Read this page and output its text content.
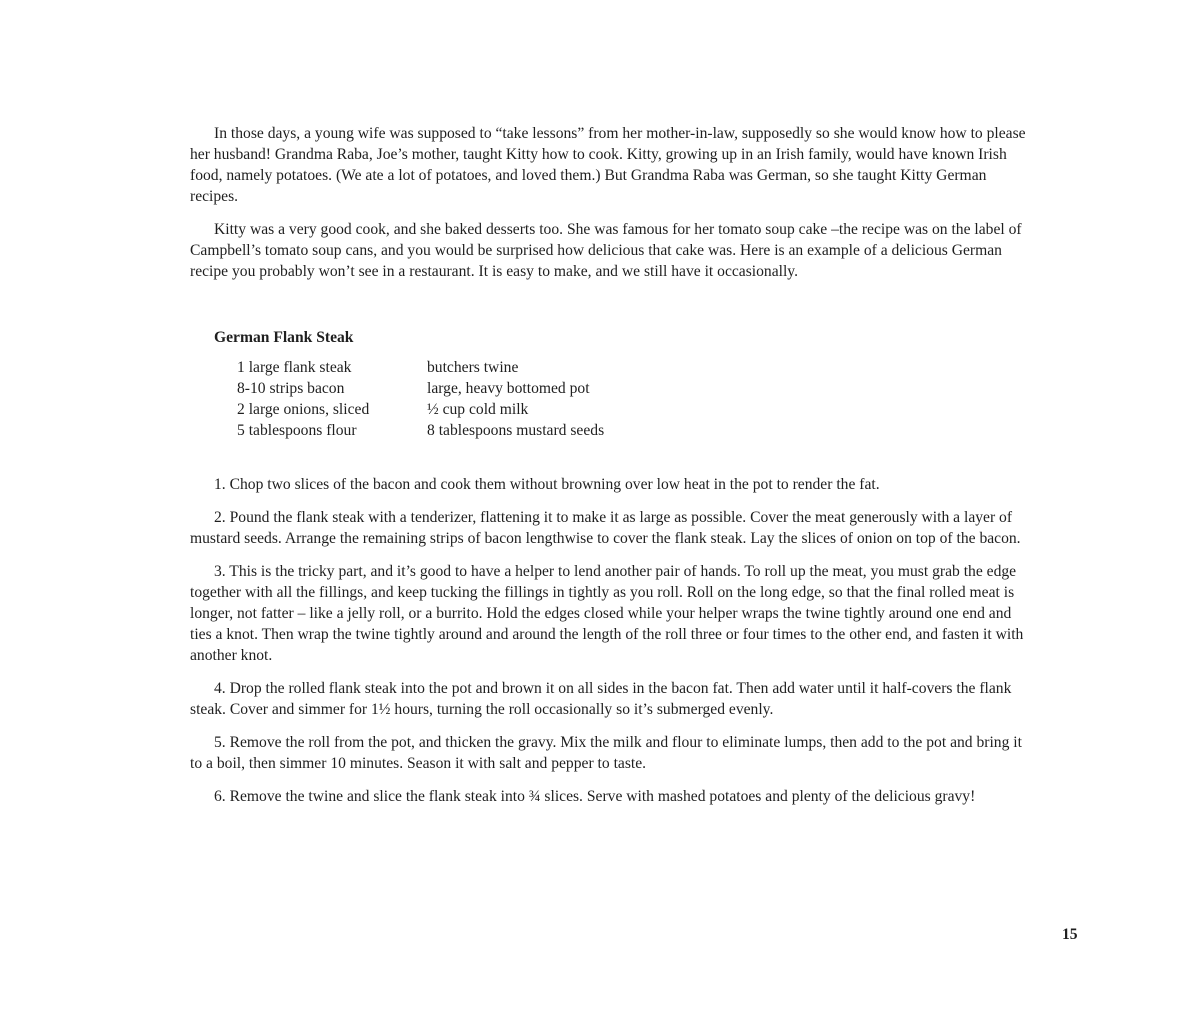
In those days, a young wife was supposed to “take lessons” from her mother-in-law, supposedly so she would know how to please her husband! Grandma Raba, Joe’s mother, taught Kitty how to cook. Kitty, growing up in an Irish family, would have known Irish food, namely potatoes. (We ate a lot of potatoes, and loved them.) But Grandma Raba was German, so she taught Kitty German recipes.

Kitty was a very good cook, and she baked desserts too. She was famous for her tomato soup cake –the recipe was on the label of Campbell’s tomato soup cans, and you would be surprised how delicious that cake was. Here is an example of a delicious German recipe you probably won’t see in a restaurant. It is easy to make, and we still have it occasionally.

German Flank Steak
1 large flank steak	butchers twine
8-10 strips bacon	large, heavy bottomed pot
2 large onions, sliced	½ cup cold milk
5 tablespoons flour	8 tablespoons mustard seeds

1. Chop two slices of the bacon and cook them without browning over low heat in the pot to render the fat.

2. Pound the flank steak with a tenderizer, flattening it to make it as large as possible. Cover the meat generously with a layer of mustard seeds. Arrange the remaining strips of bacon lengthwise to cover the flank steak. Lay the slices of onion on top of the bacon.

3. This is the tricky part, and it’s good to have a helper to lend another pair of hands. To roll up the meat, you must grab the edge together with all the fillings, and keep tucking the fillings in tightly as you roll. Roll on the long edge, so that the final rolled meat is longer, not fatter – like a jelly roll, or a burrito. Hold the edges closed while your helper wraps the twine tightly around one end and ties a knot. Then wrap the twine tightly around and around the length of the roll three or four times to the other end, and fasten it with another knot.

4. Drop the rolled flank steak into the pot and brown it on all sides in the bacon fat. Then add water until it half-covers the flank steak. Cover and simmer for 1½ hours, turning the roll occasionally so it’s submerged evenly.

5. Remove the roll from the pot, and thicken the gravy. Mix the milk and flour to eliminate lumps, then add to the pot and bring it to a boil, then simmer 10 minutes. Season it with salt and pepper to taste.

6. Remove the twine and slice the flank steak into ¾ slices. Serve with mashed potatoes and plenty of the delicious gravy!

15
